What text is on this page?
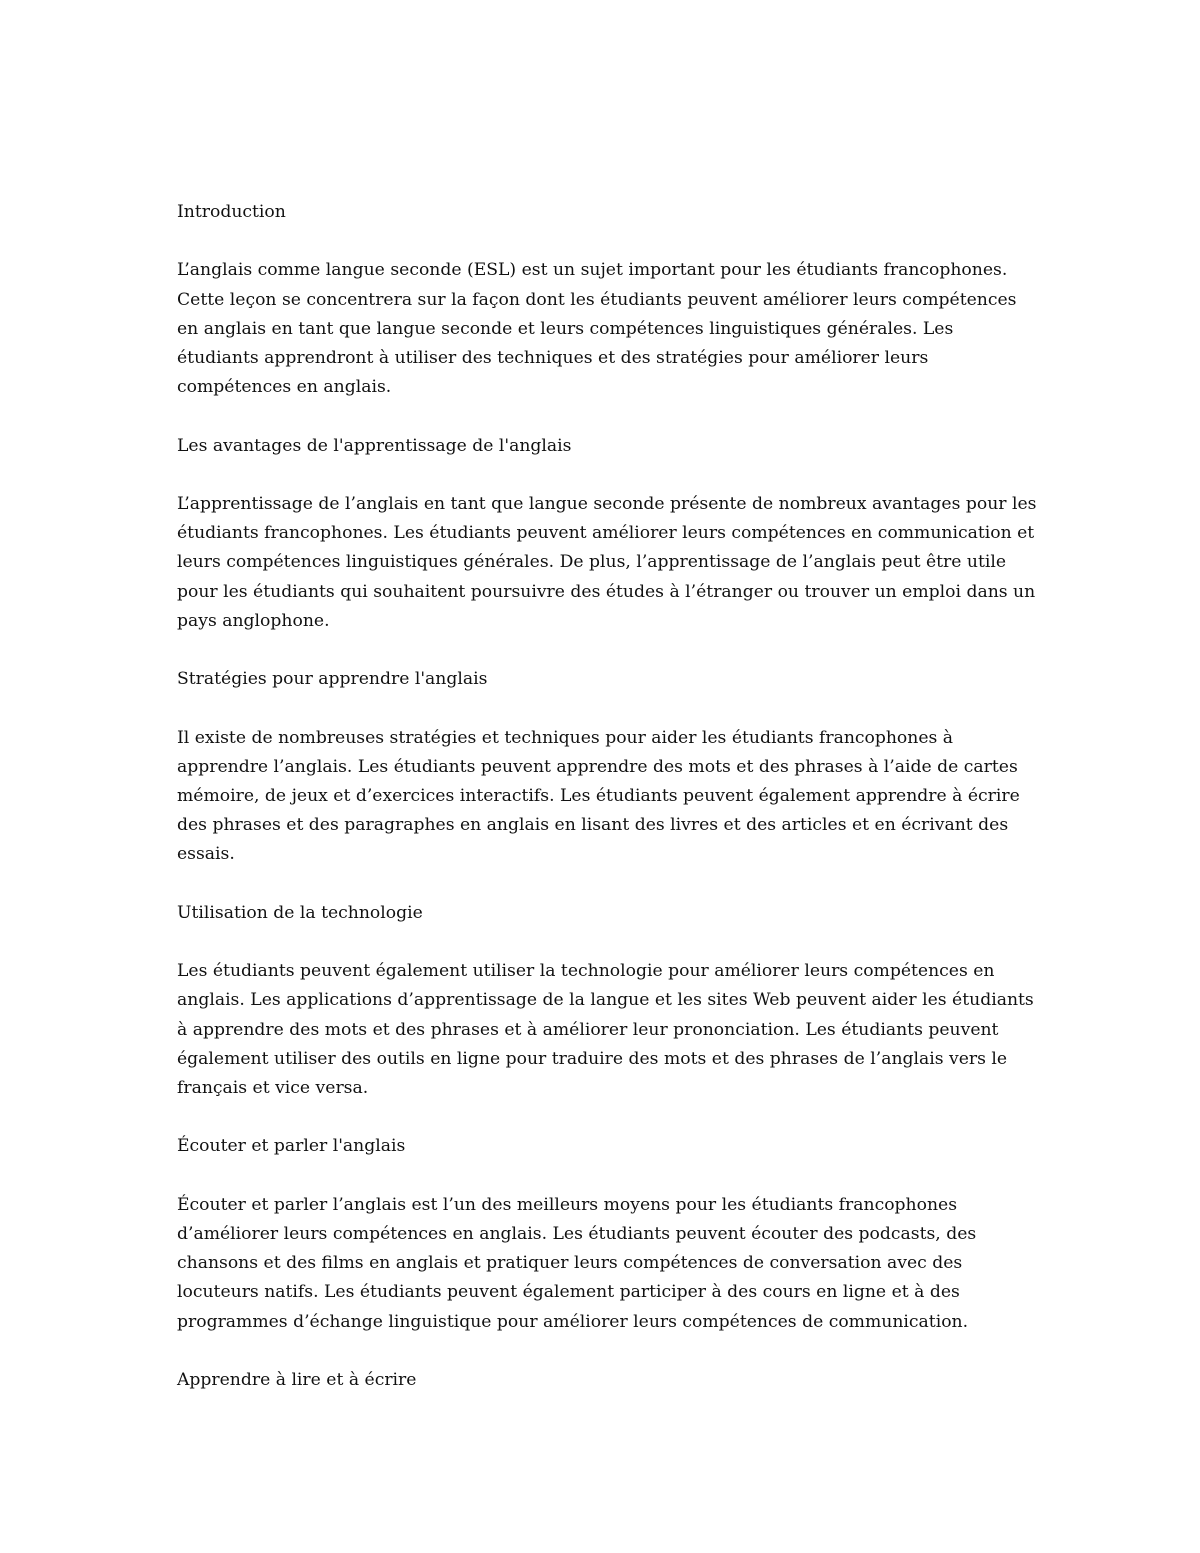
Introduction

L’anglais comme langue seconde (ESL) est un sujet important pour les étudiants francophones. Cette leçon se concentrera sur la façon dont les étudiants peuvent améliorer leurs compétences en anglais en tant que langue seconde et leurs compétences linguistiques générales. Les étudiants apprendront à utiliser des techniques et des stratégies pour améliorer leurs compétences en anglais.

Les avantages de l'apprentissage de l'anglais

L’apprentissage de l’anglais en tant que langue seconde présente de nombreux avantages pour les étudiants francophones. Les étudiants peuvent améliorer leurs compétences en communication et leurs compétences linguistiques générales. De plus, l’apprentissage de l’anglais peut être utile pour les étudiants qui souhaitent poursuivre des études à l’étranger ou trouver un emploi dans un pays anglophone.

Stratégies pour apprendre l'anglais

Il existe de nombreuses stratégies et techniques pour aider les étudiants francophones à apprendre l’anglais. Les étudiants peuvent apprendre des mots et des phrases à l’aide de cartes mémoire, de jeux et d’exercices interactifs. Les étudiants peuvent également apprendre à écrire des phrases et des paragraphes en anglais en lisant des livres et des articles et en écrivant des essais.

Utilisation de la technologie

Les étudiants peuvent également utiliser la technologie pour améliorer leurs compétences en anglais. Les applications d’apprentissage de la langue et les sites Web peuvent aider les étudiants à apprendre des mots et des phrases et à améliorer leur prononciation. Les étudiants peuvent également utiliser des outils en ligne pour traduire des mots et des phrases de l’anglais vers le français et vice versa.

Écouter et parler l'anglais

Écouter et parler l’anglais est l’un des meilleurs moyens pour les étudiants francophones d’améliorer leurs compétences en anglais. Les étudiants peuvent écouter des podcasts, des chansons et des films en anglais et pratiquer leurs compétences de conversation avec des locuteurs natifs. Les étudiants peuvent également participer à des cours en ligne et à des programmes d’échange linguistique pour améliorer leurs compétences de communication.

Apprendre à lire et à écrire
